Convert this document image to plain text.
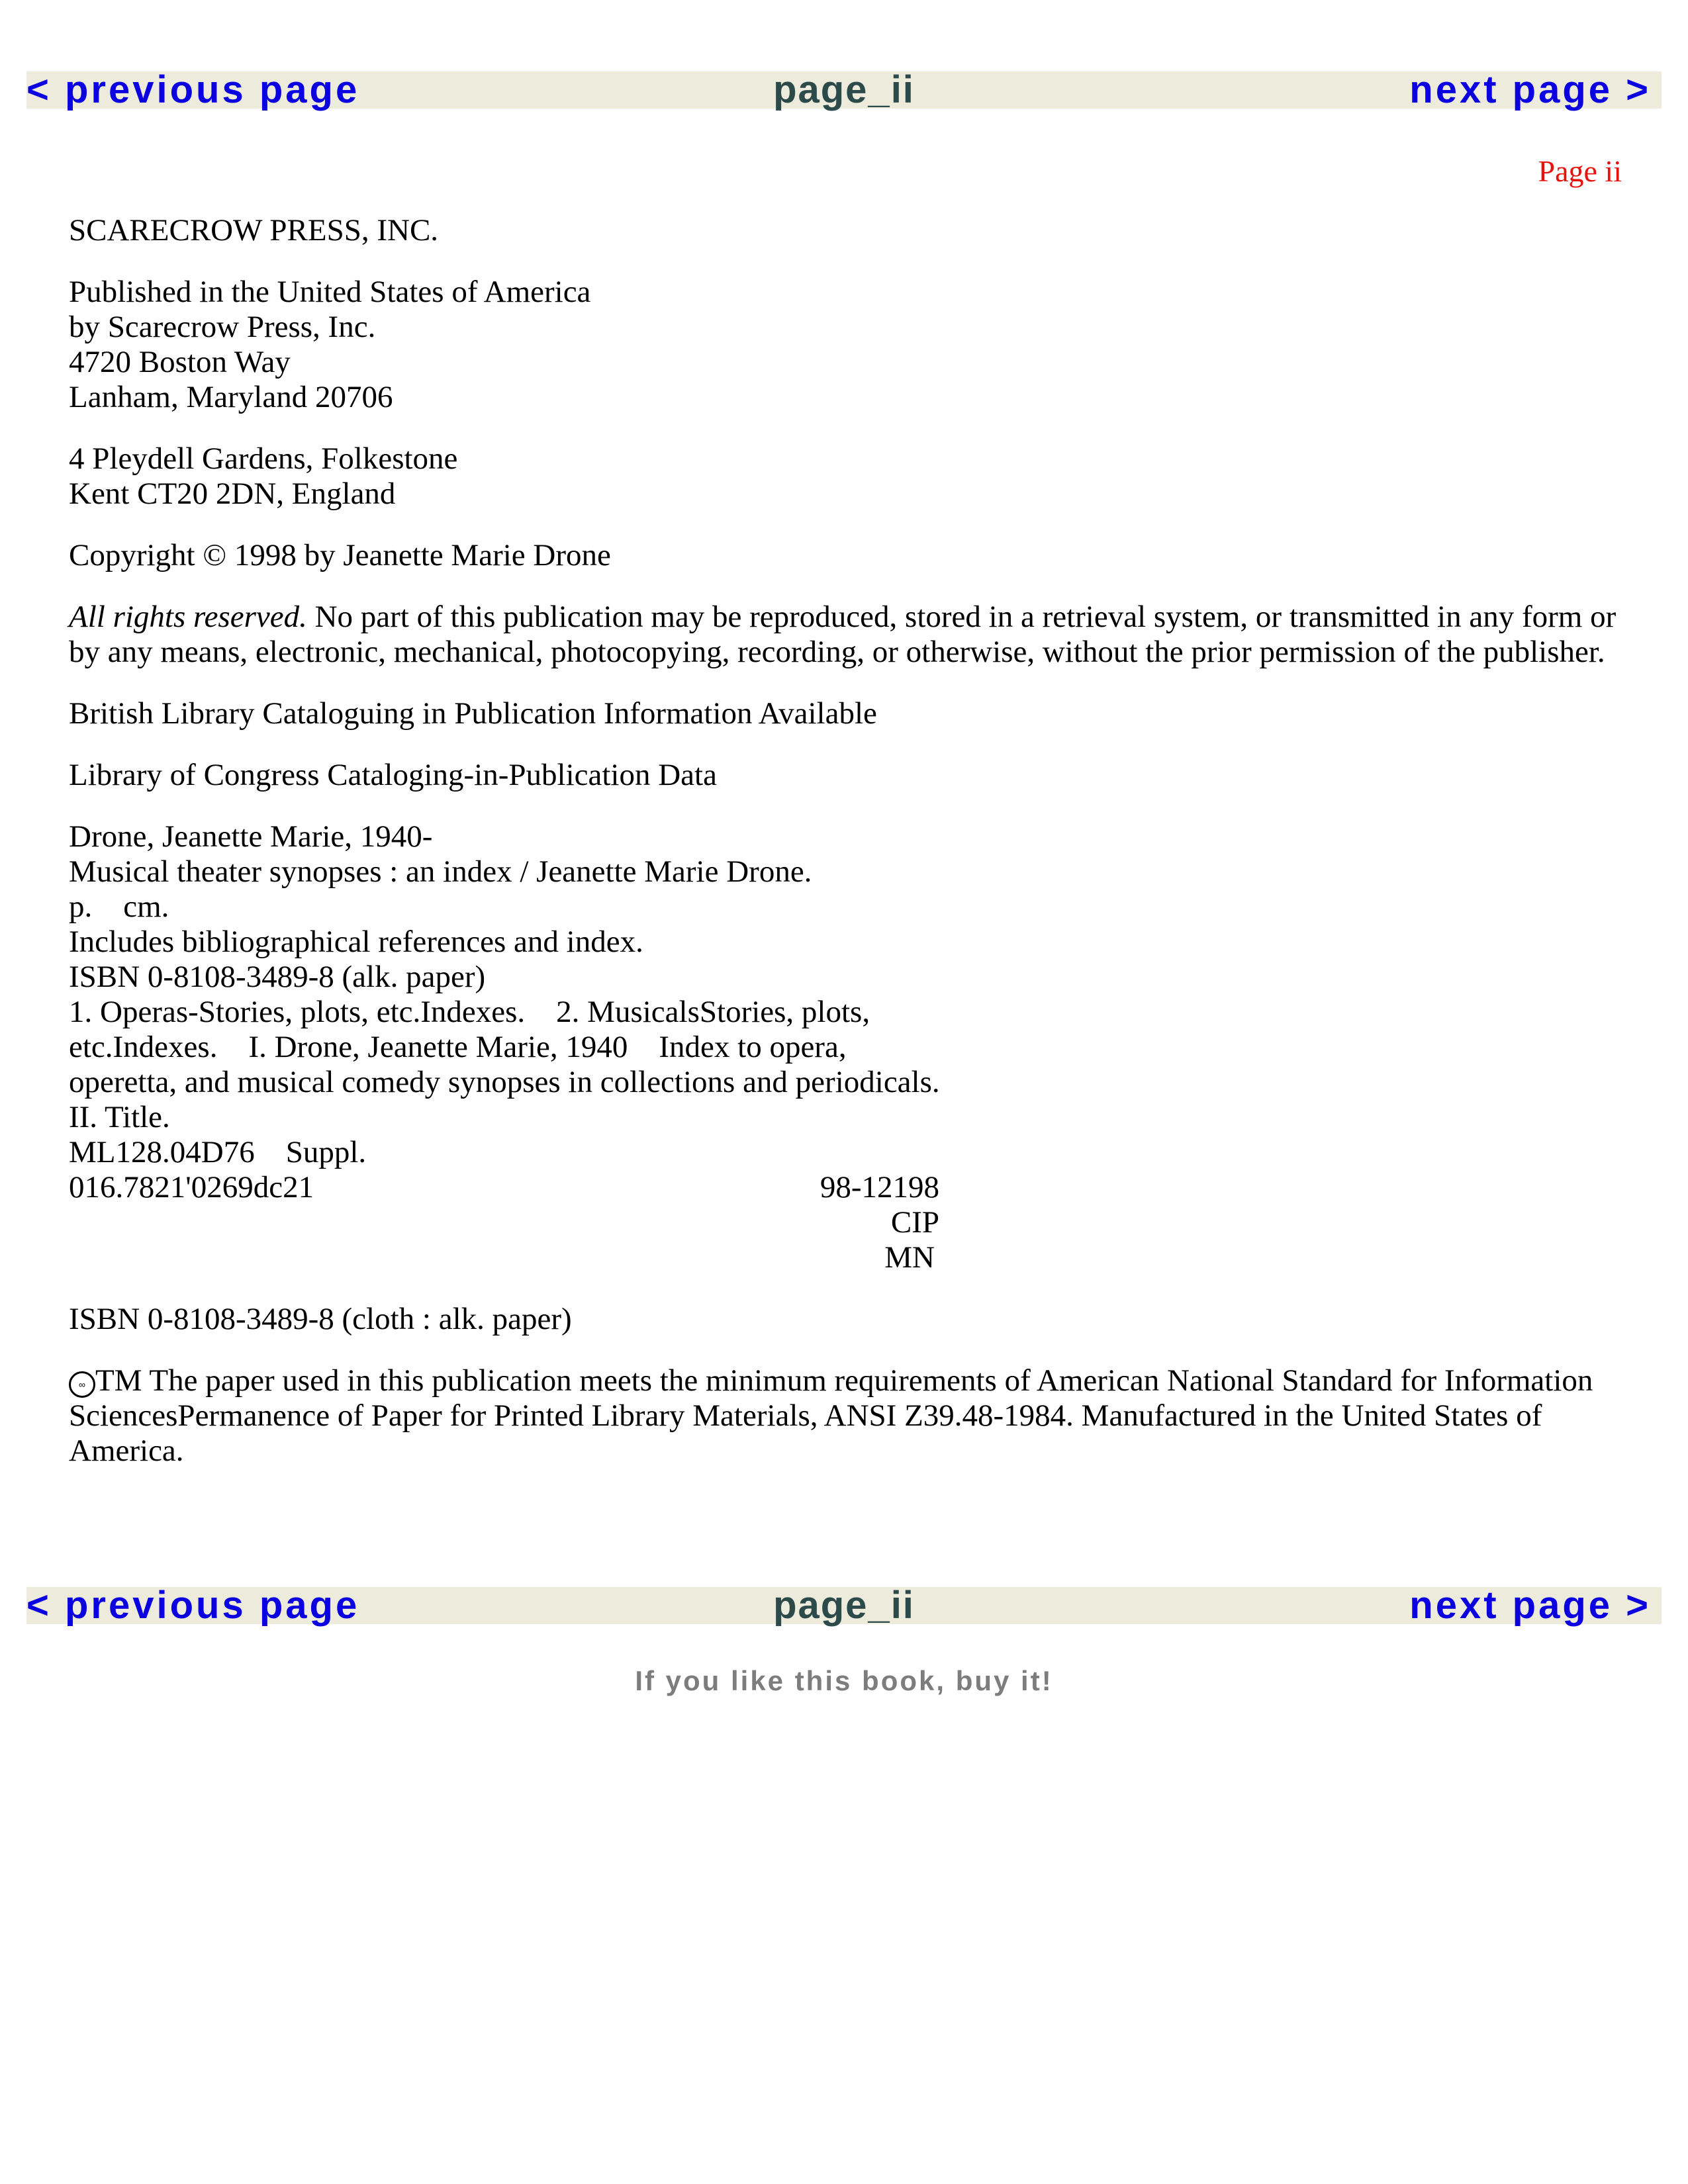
page_ii
< previous page	next page >
Page ii

SCARECROW PRESS, INC.

Published in the United States of America
by Scarecrow Press, Inc.
4720 Boston Way
Lanham, Maryland 20706
4 Pleydell Gardens, Folkestone
Kent CT20 2DN, England

Copyright © 1998 by Jeanette Marie Drone

All rights reserved. No part of this publication may be reproduced, stored in a retrieval system, or transmitted in any form or by any means, electronic, mechanical, photocopying, recording, or otherwise, without the prior permission of the publisher.

British Library Cataloguing in Publication Information Available

Library of Congress Cataloging-in-Publication Data

Drone, Jeanette Marie, 1940-
Musical theater synopses : an index / Jeanette Marie Drone.
p.    cm.
Includes bibliographical references and index.
ISBN 0-8108-3489-8 (alk. paper)
1. Operas-Stories, plots, etc.Indexes.    2. MusicalsStories, plots,
etc.Indexes.    I. Drone, Jeanette Marie, 1940    Index to opera,
operetta, and musical comedy synopses in collections and periodicals.
II. Title.
ML128.04D76    Suppl.
016.7821'0269dc21	98-12198
CIP
MN

ISBN 0-8108-3489-8 (cloth : alk. paper)

∞ TM The paper used in this publication meets the minimum requirements of American National Standard for Information SciencesPermanence of Paper for Printed Library Materials, ANSI Z39.48-1984. Manufactured in the United States of America.

page_ii
< previous page	next page >
If you like this book, buy it!
